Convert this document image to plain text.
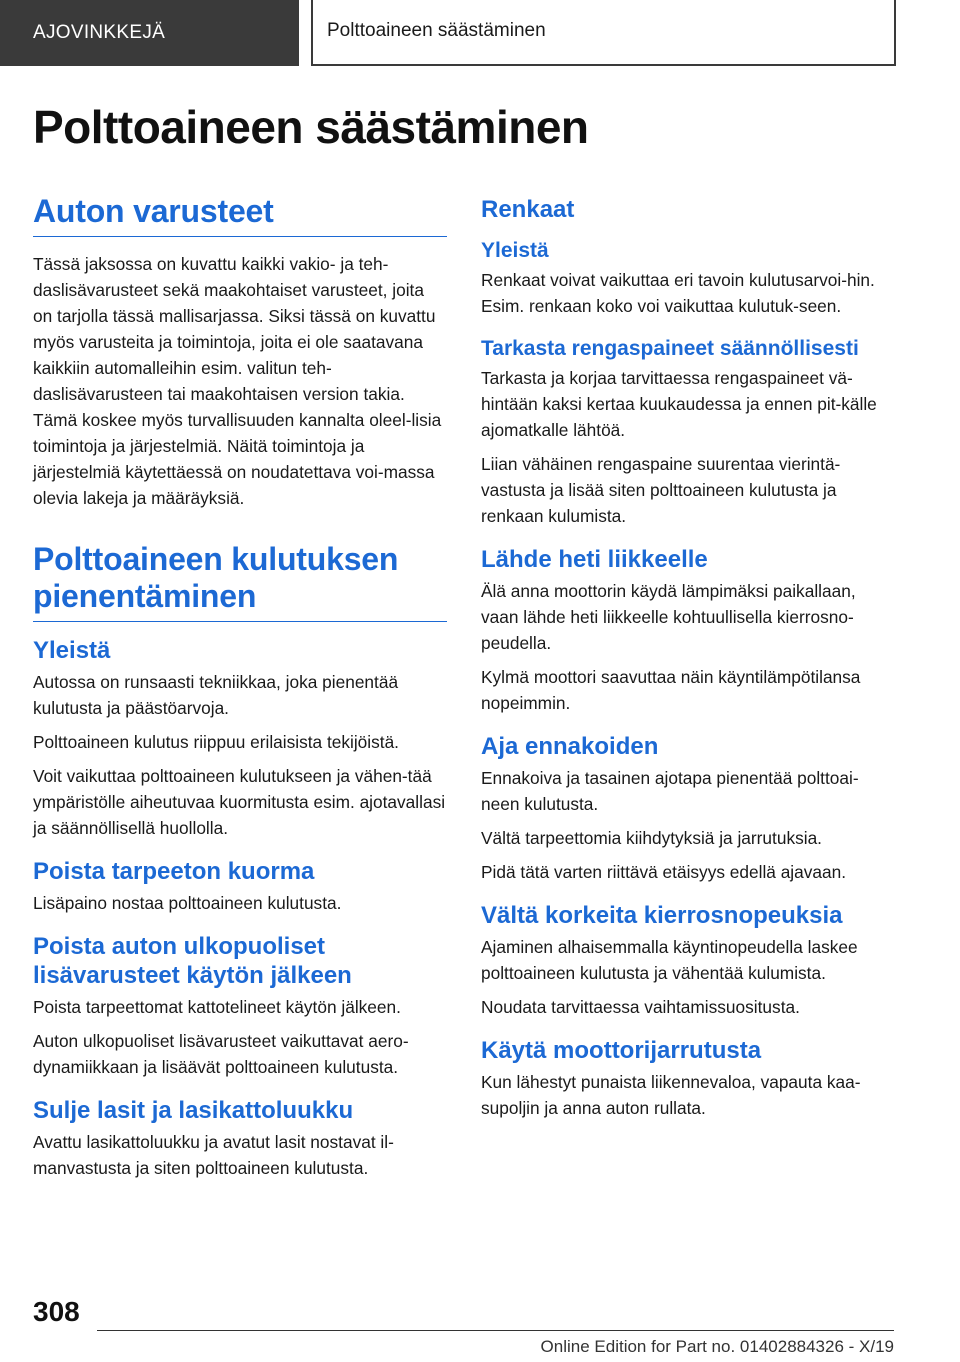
AJOVINKKEJÄ	Polttoaineen säästäminen
Polttoaineen säästäminen
Auton varusteet
Tässä jaksossa on kuvattu kaikki vakio- ja teh-daslisävarusteet sekä maakohtaiset varusteet, joita on tarjolla tässä mallisarjassa. Siksi tässä on kuvattu myös varusteita ja toimintoja, joita ei ole saatavana kaikkiin automalleihin esim. valitun teh-daslisävarusteen tai maakohtaisen version takia. Tämä koskee myös turvallisuuden kannalta oleel-lisia toimintoja ja järjestelmiä. Näitä toimintoja ja järjestelmiä käytettäessä on noudatettava voi-massa olevia lakeja ja määräyksiä.
Polttoaineen kulutuksen pienentäminen
Yleistä
Autossa on runsaasti tekniikkaa, joka pienentää kulutusta ja päästöarvoja.
Polttoaineen kulutus riippuu erilaisista tekijöistä.
Voit vaikuttaa polttoaineen kulutukseen ja vähen-tää ympäristölle aiheutuvaa kuormitusta esim. ajotavallasi ja säännöllisellä huollolla.
Poista tarpeeton kuorma
Lisäpaino nostaa polttoaineen kulutusta.
Poista auton ulkopuoliset lisävarusteet käytön jälkeen
Poista tarpeettomat kattotelineet käytön jälkeen.
Auton ulkopuoliset lisävarusteet vaikuttavat aero-dynamiikkaan ja lisäävät polttoaineen kulutusta.
Sulje lasit ja lasikattoluukku
Avattu lasikattoluukku ja avatut lasit nostavat il-manvastusta ja siten polttoaineen kulutusta.
Renkaat
Yleistä
Renkaat voivat vaikuttaa eri tavoin kulutusarvoi-hin. Esim. renkaan koko voi vaikuttaa kulutuk-seen.
Tarkasta rengaspaineet säännöllisesti
Tarkasta ja korjaa tarvittaessa rengaspaineet vä-hintään kaksi kertaa kuukaudessa ja ennen pit-källe ajomatkalle lähtöä.
Liian vähäinen rengaspaine suurentaa vierintä-vastusta ja lisää siten polttoaineen kulutusta ja renkaan kulumista.
Lähde heti liikkeelle
Älä anna moottorin käydä lämpimäksi paikallaan, vaan lähde heti liikkeelle kohtuullisella kierrosno-peudella.
Kylmä moottori saavuttaa näin käyntilämpötilansa nopeimmin.
Aja ennakoiden
Ennakoiva ja tasainen ajotapa pienentää polttoai-neen kulutusta.
Vältä tarpeettomia kiihdytyksiä ja jarrutuksia.
Pidä tätä varten riittävä etäisyys edellä ajavaan.
Vältä korkeita kierrosnopeuksia
Ajaminen alhaisemmalla käyntinopeudella laskee polttoaineen kulutusta ja vähentää kulumista.
Noudata tarvittaessa vaihtamissuositusta.
Käytä moottorijarrutusta
Kun lähestyt punaista liikennevaloa, vapauta kaa-supoljin ja anna auton rullata.
308
Online Edition for Part no. 01402884326 - X/19
